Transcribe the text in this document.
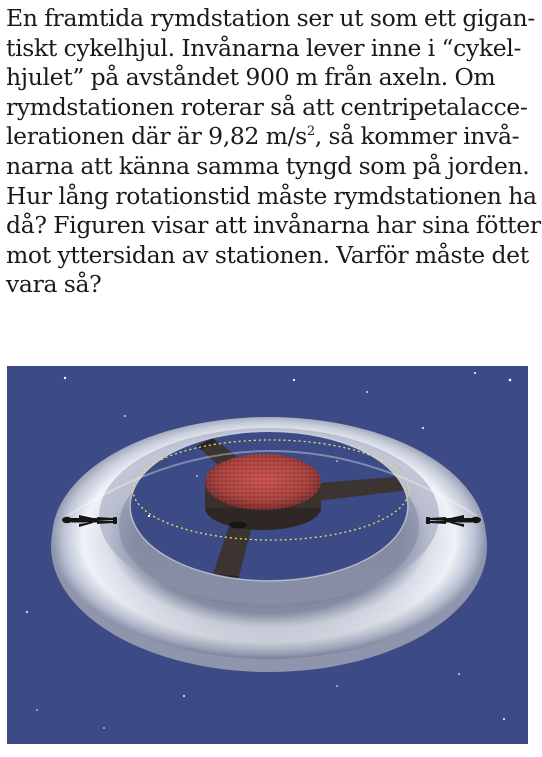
En framtida rymdstation ser ut som ett gigan-
tiskt cykelhjul. Invånarna lever inne i “cykel-
hjulet” på avståndet 900 m från axeln. Om
rymdstationen roterar så att centripetalacce-
lerationen där är 9,82 $m/s^2$, så kommer invå-
narna att känna samma tyngd som på jorden.
Hur lång rotationstid måste rymdstationen ha
då? Figuren visar att invånarna har sina fötter
mot yttersidan av stationen. Varför måste det
vara så?
